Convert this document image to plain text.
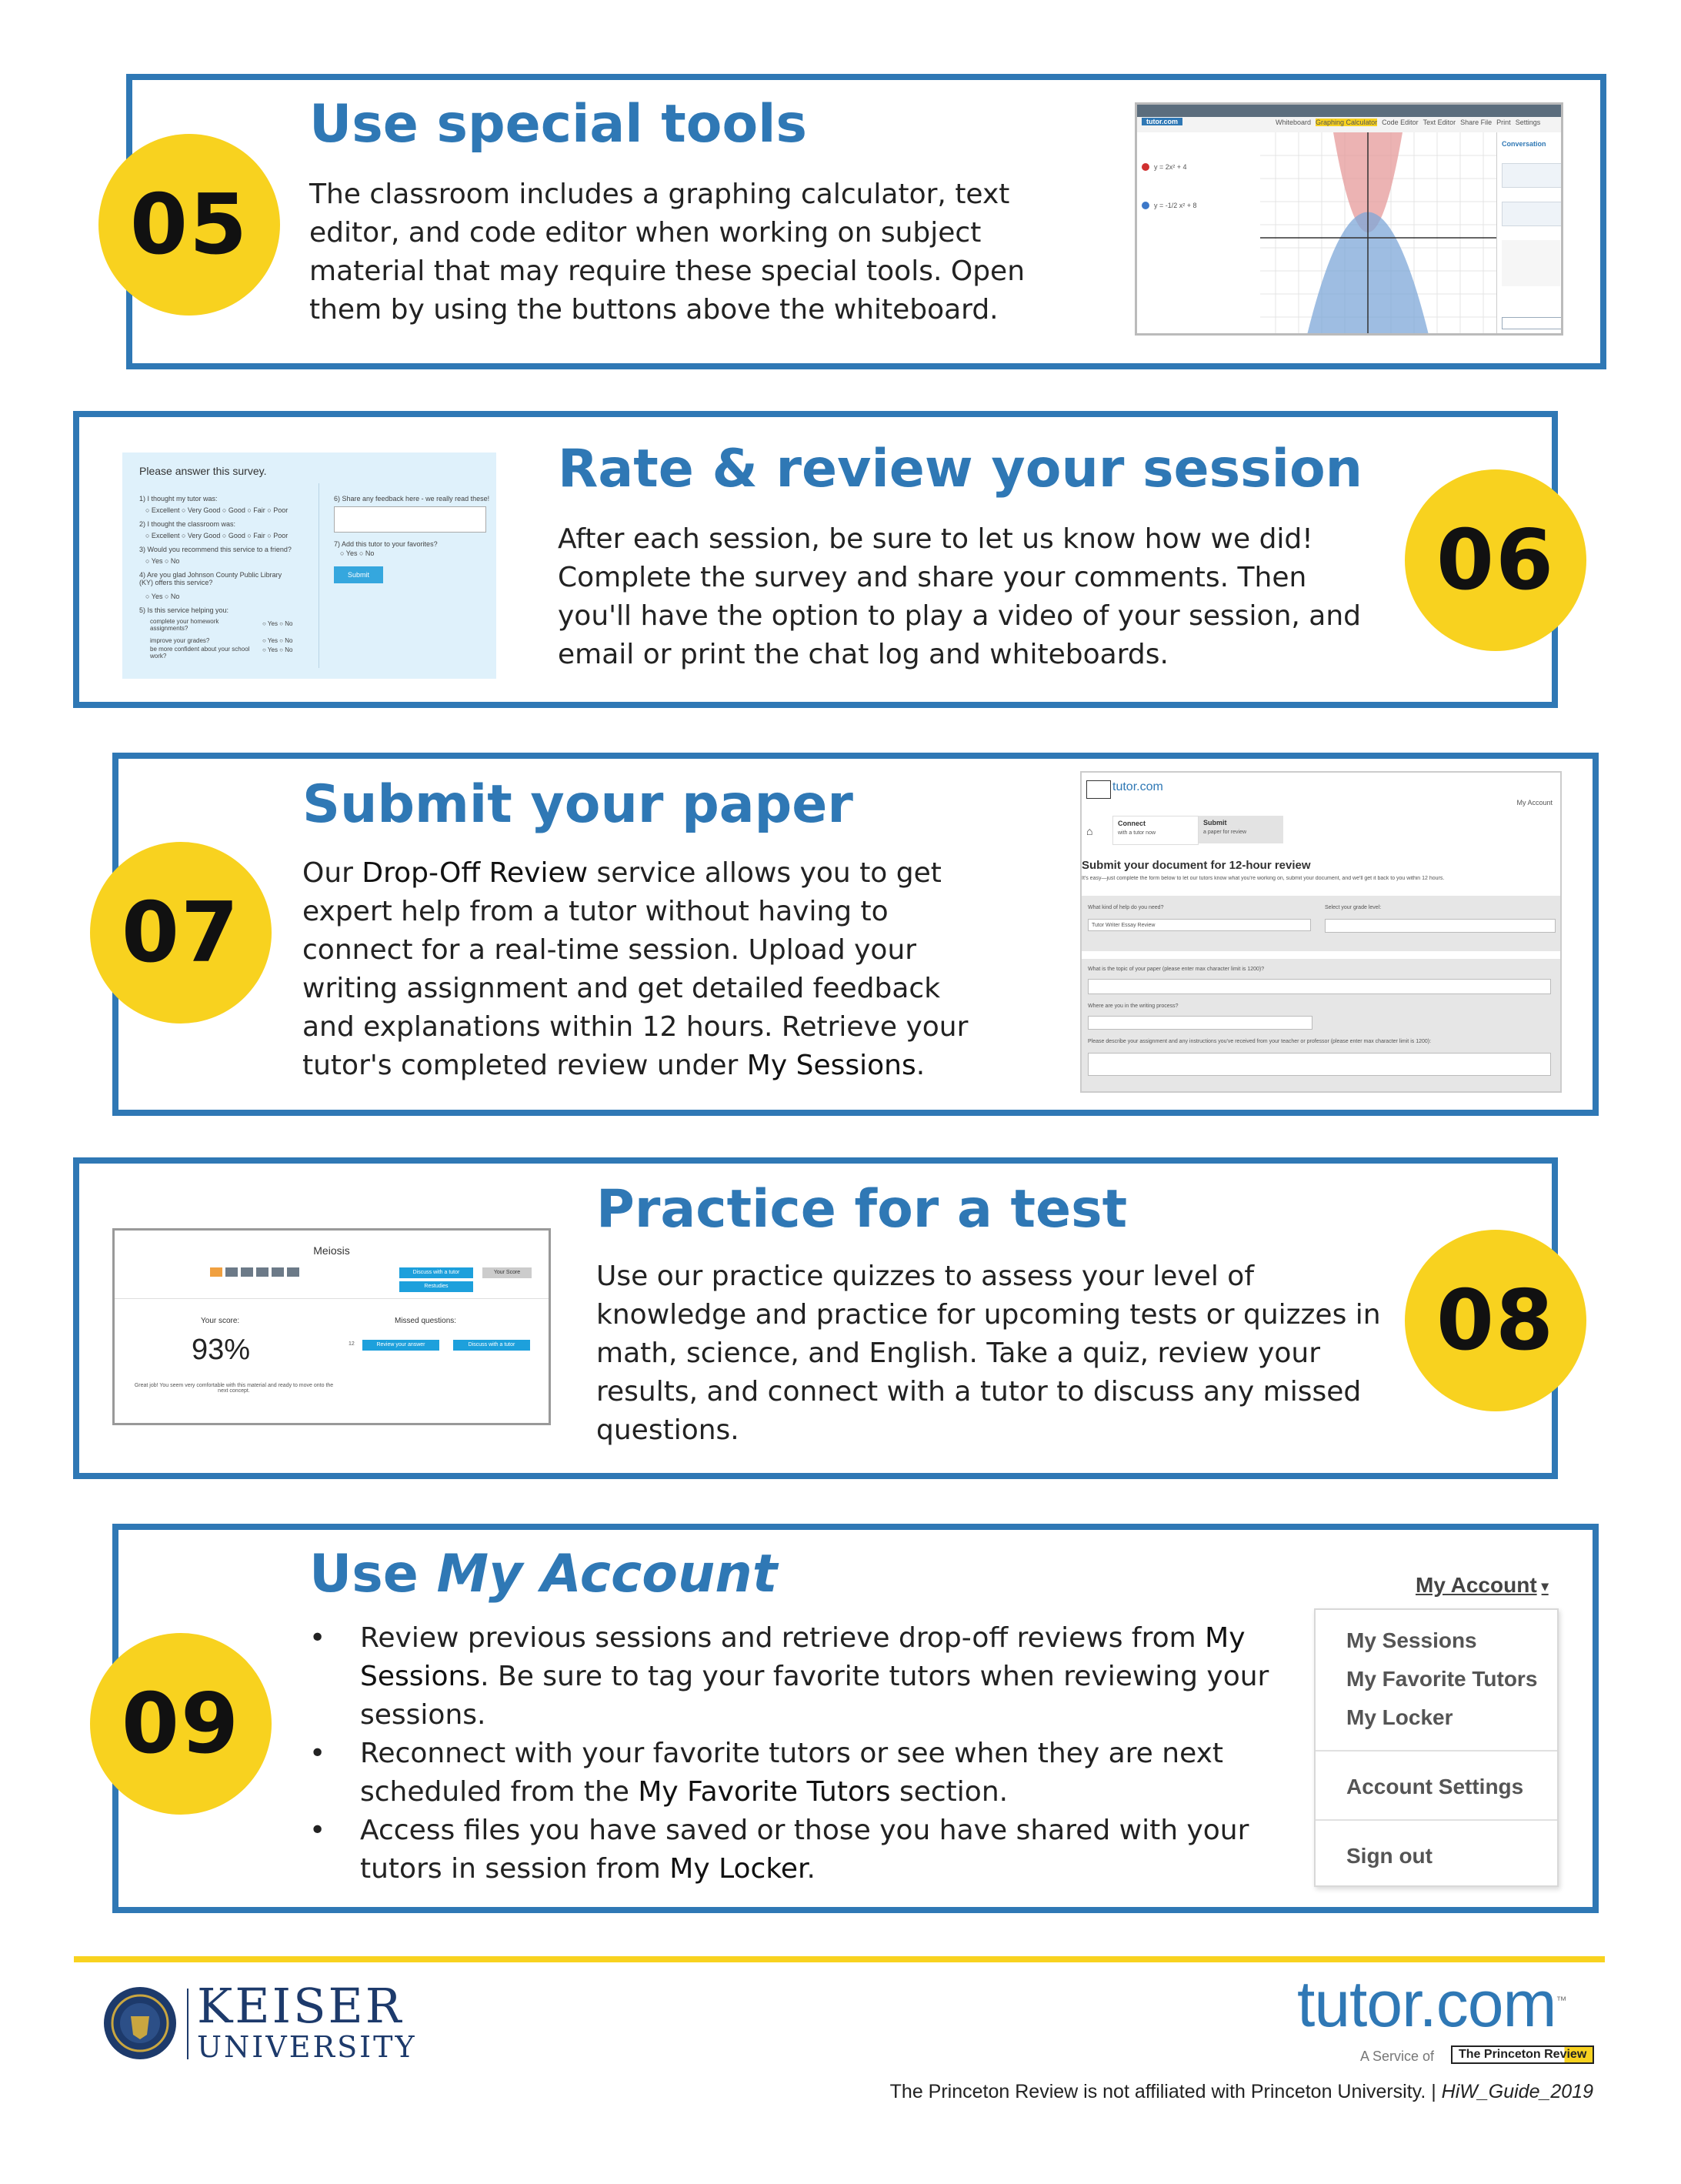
05
Use special tools
The classroom includes a graphing calculator, text editor, and code editor when working on subject material that may require these special tools. Open them by using the buttons above the whiteboard.
tutor.com	Whiteboard Graphing Calculator Code Editor Text Editor Share File Print Settings
y = 2x² + 4
y = -1/2 x² + 8
Conversation
06
Rate & review your session
After each session, be sure to let us know how we did! Complete the survey and share your comments. Then you'll have the option to play a video of your session, and email or print the chat log and whiteboards.
Please answer this survey.
1) I thought my tutor was:
○ Excellent ○ Very Good ○ Good ○ Fair ○ Poor
2) I thought the classroom was:
○ Excellent ○ Very Good ○ Good ○ Fair ○ Poor
3) Would you recommend this service to a friend?
○ Yes ○ No
4) Are you glad Johnson County Public Library (KY) offers this service?
○ Yes ○ No
5) Is this service helping you:
complete your homework assignments?
improve your grades?
be more confident about your school work?
○ Yes ○ No
○ Yes ○ No
○ Yes ○ No
6) Share any feedback here - we really read these!
7) Add this tutor to your favorites?
○ Yes ○ No
Submit
07
Submit your paper
Our Drop-Off Review service allows you to get expert help from a tutor without having to connect for a real-time session. Upload your writing assignment and get detailed feedback and explanations within 12 hours. Retrieve your tutor's completed review under My Sessions.
tutor.com
My Account
⌂
Connect
with a tutor now
Submit
a paper for review
Submit your document for 12-hour review
It's easy—just complete the form below to let our tutors know what you're working on, submit your document, and we'll get it back to you within 12 hours.
What kind of help do you need?
Tutor Writer Essay Review
Select your grade level:
What is the topic of your paper (please enter max character limit is 1200)?
Where are you in the writing process?
Please describe your assignment and any instructions you've received from your teacher or professor (please enter max character limit is 1200):
08
Practice for a test
Use our practice quizzes to assess your level of knowledge and practice for upcoming tests or quizzes in math, science, and English. Take a quiz, review your results, and connect with a tutor to discuss any missed questions.
Meiosis
Discuss with a tutor	Your Score
Restudies
Your score:
93%
Missed questions:
12	Review your answer	Discuss with a tutor
Great job! You seem very comfortable with this material and ready to move onto the next concept.
09
Use My Account
• Review previous sessions and retrieve drop-off reviews from My Sessions. Be sure to tag your favorite tutors when reviewing your sessions.
• Reconnect with your favorite tutors or see when they are next scheduled from the My Favorite Tutors section.
• Access files you have saved or those you have shared with your tutors in session from My Locker.
My Account ▾
My Sessions
My Favorite Tutors
My Locker
Account Settings
Sign out
KEISER
UNIVERSITY
tutor.com™
A Service of	The Princeton Review
The Princeton Review is not affiliated with Princeton University. | HiW_Guide_2019
